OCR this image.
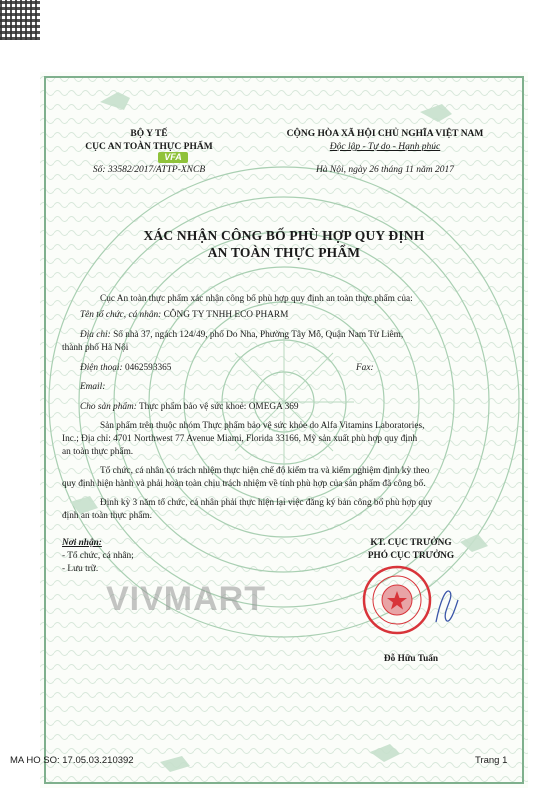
BỘ Y TẾ
CỤC AN TOÀN THỰC PHẨM
Số: 33582/2017/ATTP-XNCB
VFA
CỘNG HÒA XÃ HỘI CHỦ NGHĨA VIỆT NAM
Độc lập - Tự do - Hạnh phúc
Hà Nội, ngày 26 tháng 11 năm 2017
XÁC NHẬN CÔNG BỐ PHÙ HỢP QUY ĐỊNH
AN TOÀN THỰC PHẨM
Cục An toàn thực phẩm xác nhận công bố phù hợp quy định an toàn thực phẩm của:
Tên tổ chức, cá nhân: CÔNG TY TNHH ECO PHARM
Địa chỉ: Số nhà 37, ngách 124/49, phố Do Nha, Phường Tây Mỗ, Quận Nam Từ Liêm,
thành phố Hà Nội
Điện thoại: 0462593365	Fax:
Email:
Cho sản phẩm: Thực phẩm bảo vệ sức khoẻ: OMEGA 369
Sản phẩm trên thuộc nhóm Thực phẩm bảo vệ sức khỏe do Alfa Vitamins Laboratories,
Inc.; Địa chỉ: 4701 Northwest 77 Avenue Miami, Florida 33166, Mỹ sản xuất phù hợp quy định
an toàn thực phẩm.
Tổ chức, cá nhân có trách nhiệm thực hiện chế độ kiểm tra và kiểm nghiệm định kỳ theo
quy định hiện hành và phải hoàn toàn chịu trách nhiệm về tính phù hợp của sản phẩm đã công bố.
Định kỳ 3 năm tổ chức, cá nhân phải thực hiện lại việc đăng ký bản công bố phù hợp quy
định an toàn thực phẩm.
Nơi nhận:
- Tổ chức, cá nhân;
- Lưu trữ.
KT. CỤC TRƯỞNG
PHÓ CỤC TRƯỞNG
Đỗ Hữu Tuấn
VIVMART
MA HO SO: 17.05.03.210392	Trang 1
